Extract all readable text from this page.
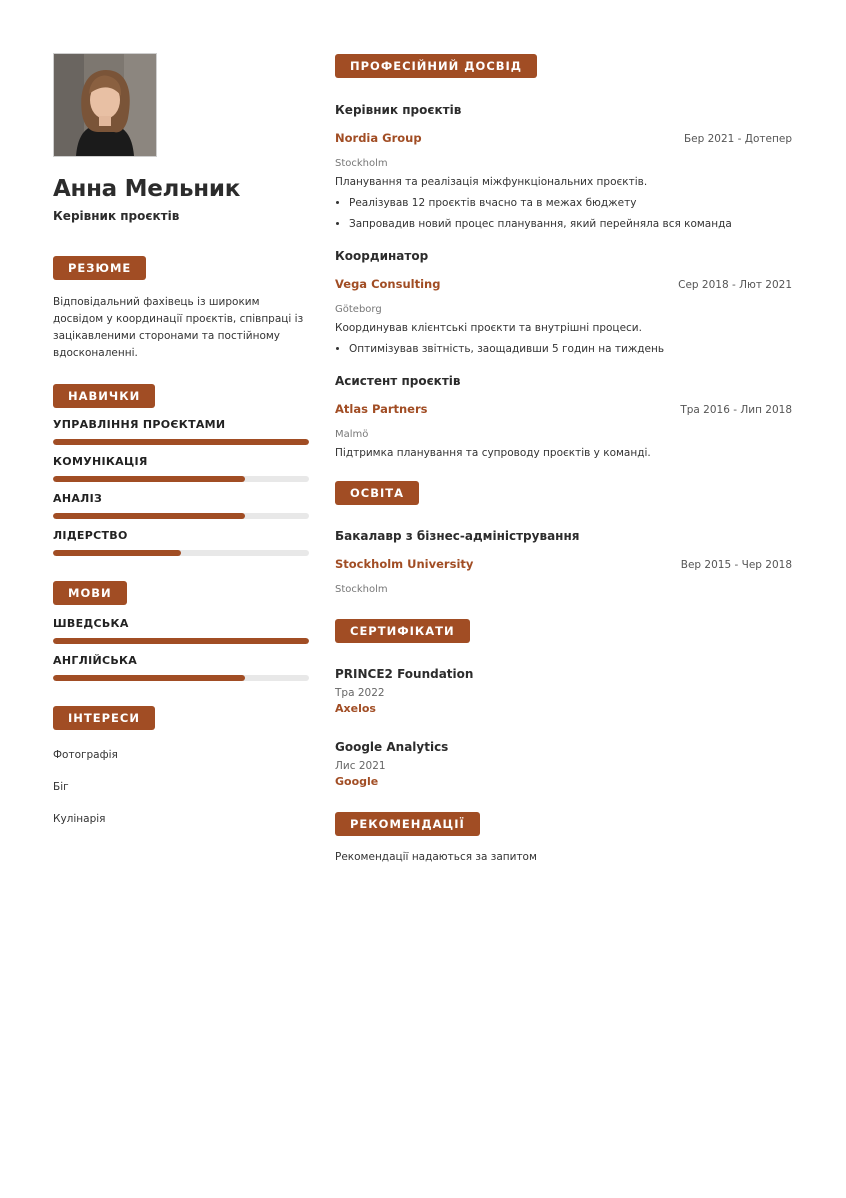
Анна Мельник
Керівник проєктів
РЕЗЮМЕ
Відповідальний фахівець із широким досвідом у координації проєктів, співпраці із зацікавленими сторонами та постійному вдосконаленні.
НАВИЧКИ
УПРАВЛІННЯ ПРОЄКТАМИ
КОМУНІКАЦІЯ
АНАЛІЗ
ЛІДЕРСТВО
МОВИ
ШВЕДСЬКА
АНГЛІЙСЬКА
ІНТЕРЕСИ
Фотографія
Біг
Кулінарія
ПРОФЕСІЙНИЙ ДОСВІД
Керівник проєктів
Nordia Group	Бер 2021 - Дотепер
Stockholm
Планування та реалізація міжфункціональних проєктів.
• Реалізував 12 проєктів вчасно та в межах бюджету
• Запровадив новий процес планування, який перейняла вся команда
Координатор
Vega Consulting	Сер 2018 - Лют 2021
Göteborg
Координував клієнтські проєкти та внутрішні процеси.
• Оптимізував звітність, заощадивши 5 годин на тиждень
Асистент проєктів
Atlas Partners	Тра 2016 - Лип 2018
Malmö
Підтримка планування та супроводу проєктів у команді.
ОСВІТА
Бакалавр з бізнес-адміністрування
Stockholm University	Вер 2015 - Чер 2018
Stockholm
СЕРТИФІКАТИ
PRINCE2 Foundation
Тра 2022
Axelos
Google Analytics
Лис 2021
Google
РЕКОМЕНДАЦІЇ
Рекомендації надаються за запитом
